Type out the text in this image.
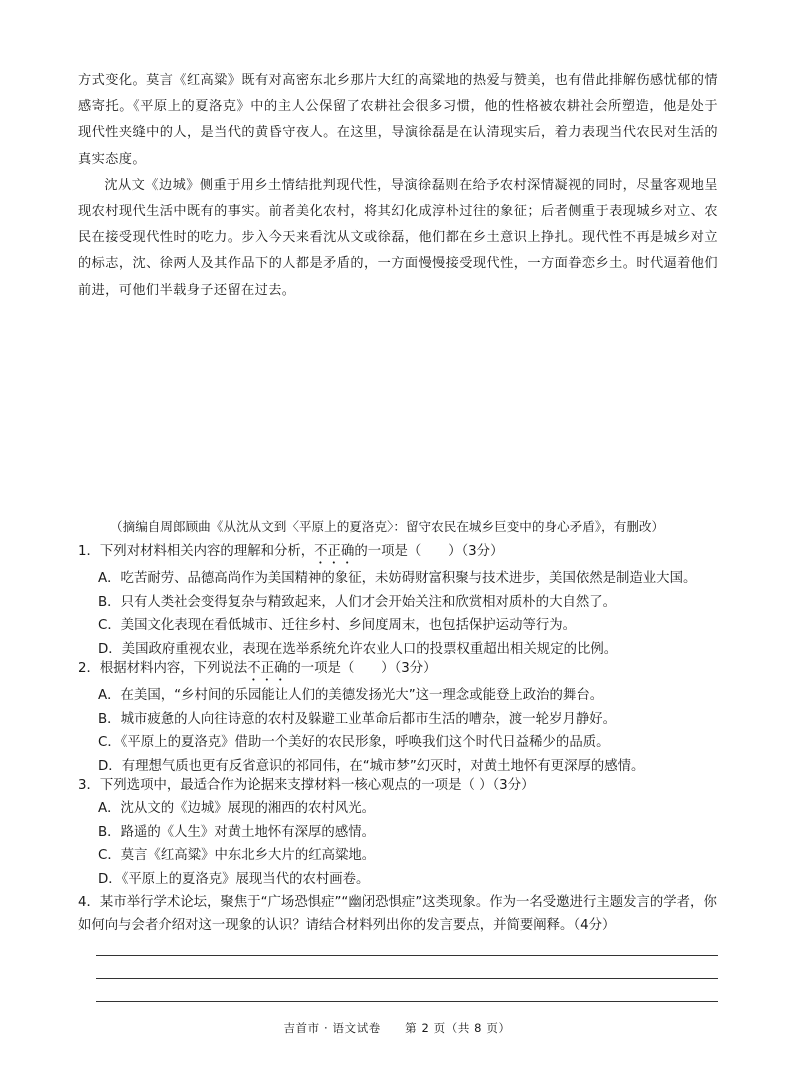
方式变化。莫言《红高粱》既有对高密东北乡那片大红的高粱地的热爱与赞美，也有借此排解伤感忧郁的情感寄托。《平原上的夏洛克》中的主人公保留了农耕社会很多习惯，他的性格被农耕社会所塑造，他是处于现代性夹缝中的人，是当代的黄昏守夜人。在这里，导演徐磊是在认清现实后，着力表现当代农民对生活的真实态度。

沈从文《边城》侧重于用乡土情结批判现代性，导演徐磊则在给予农村深情凝视的同时，尽量客观地呈现农村现代生活中既有的事实。前者美化农村，将其幻化成淳朴过往的象征；后者侧重于表现城乡对立、农民在接受现代性时的吃力。步入今天来看沈从文或徐磊，他们都在乡土意识上挣扎。现代性不再是城乡对立的标志，沈、徐两人及其作品下的人都是矛盾的，一方面慢慢接受现代性，一方面眷恋乡土。时代逼着他们前进，可他们半载身子还留在过去。

（摘编自周郎顾曲《从沈从文到〈平原上的夏洛克〉：留守农民在城乡巨变中的身心矛盾》，有删改）
1．下列对材料相关内容的理解和分析，不正确的一项是（　　）（3分）
A．吃苦耐劳、品德高尚作为美国精神的象征，未妨碍财富积聚与技术进步，美国依然是制造业大国。
B．只有人类社会变得复杂与精致起来，人们才会开始关注和欣赏相对质朴的大自然了。
C．美国文化表现在看低城市、迁往乡村、乡间度周末，也包括保护运动等行为。
D．美国政府重视农业，表现在选举系统允许农业人口的投票权重超出相关规定的比例。
2．根据材料内容，下列说法不正确的一项是（　　）（3分）
A．在美国，“乡村间的乐园能让人们的美德发扬光大”这一理念或能登上政治的舞台。
B．城市疲惫的人向往诗意的农村及躲避工业革命后都市生活的嘈杂，渡一轮岁月静好。
C．《平原上的夏洛克》借助一个美好的农民形象，呼唤我们这个时代日益稀少的品质。
D．有理想气质也更有反省意识的祁同伟，在“城市梦”幻灭时，对黄土地怀有更深厚的感情。
3．下列选项中，最适合作为论据来支撑材料一核心观点的一项是（ ）（3分）
A．沈从文的《边城》展现的湘西的农村风光。
B．路遥的《人生》对黄土地怀有深厚的感情。
C．莫言《红高粱》中东北乡大片的红高粱地。
D．《平原上的夏洛克》展现当代的农村画卷。
4．某市举行学术论坛，聚焦于“广场恐惧症”“幽闭恐惧症”这类现象。作为一名受邀进行主题发言的学者，你如何向与会者介绍对这一现象的认识？请结合材料列出你的发言要点，并简要阐释。（4分）
吉首市 · 语文试卷　　第 2 页（共 8 页）
